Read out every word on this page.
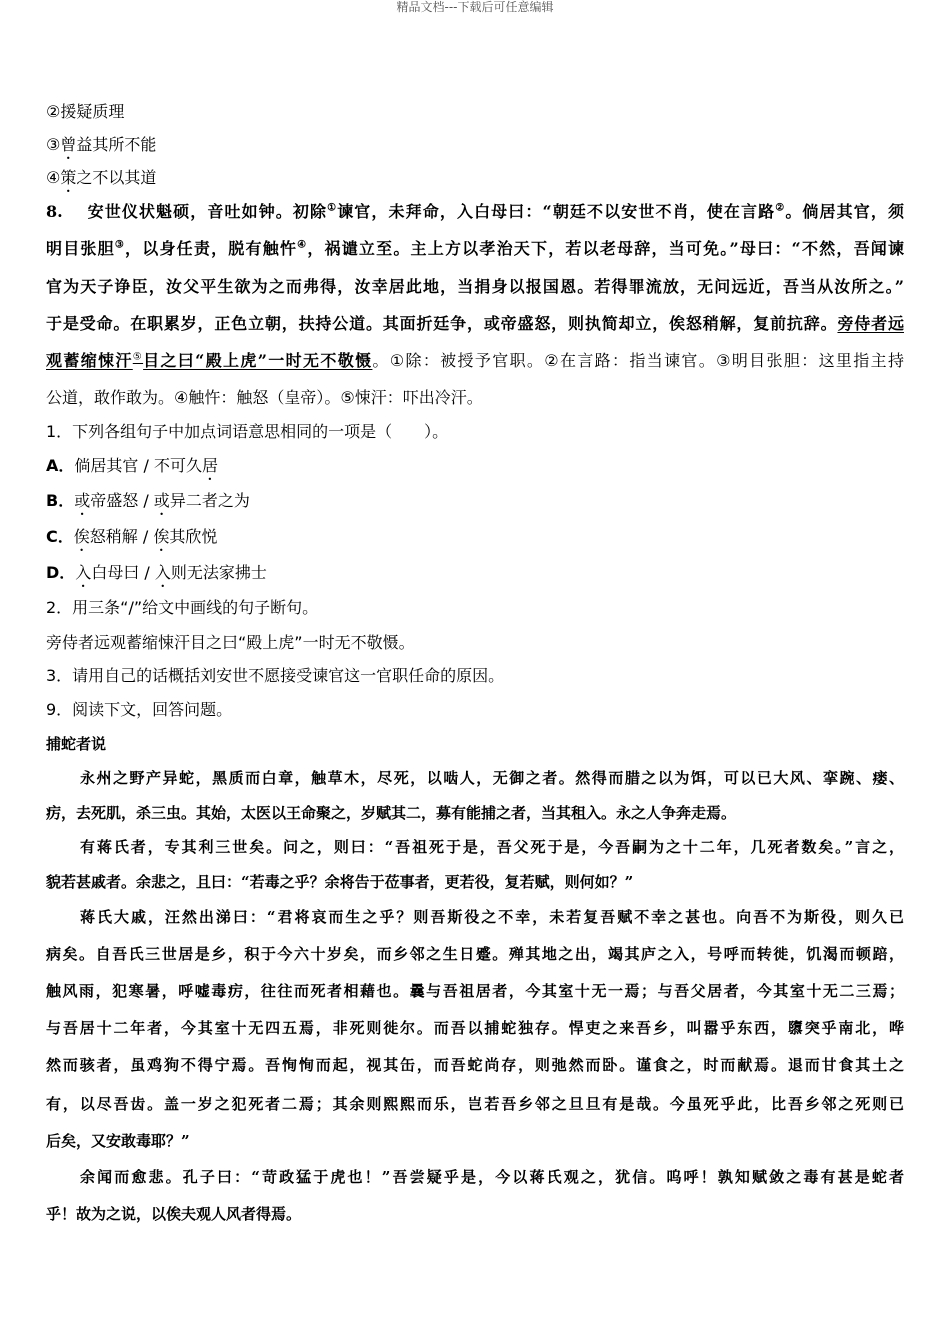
精品文档---下载后可任意编辑
②援疑质理
③曾益其所不能
④策之不以其道
8.　 安世仪状魁硕，音吐如钟。初除①谏官，未拜命，入白母曰：“朝廷不以安世不肖，使在言路②。倘居其官，须
明目张胆③，以身任责，脱有触忤④，祸谴立至。主上方以孝治天下，若以老母辞，当可免。”母曰：“不然，吾闻谏
官为天子诤臣，汝父平生欲为之而弗得，汝幸居此地，当捐身以报国恩。若得罪流放，无问远近，吾当从汝所之。”
于是受命。在职累岁，正色立朝，扶持公道。其面折廷争，或帝盛怒，则执简却立，俟怒稍解，复前抗辞。旁侍者远
观蓄缩悚汗⑤目之曰“殿上虎”一时无不敬慑。①除：被授予官职。②在言路：指当谏官。③明目张胆：这里指主持
公道，敢作敢为。④触忤：触怒（皇帝）。⑤悚汗：吓出冷汗。
1．下列各组句子中加点词语意思相同的一项是（　　）。
A．倘居其官 / 不可久居
B．或帝盛怒 / 或异二者之为
C．俟怒稍解 / 俟其欣悦
D．入白母曰 / 入则无法家拂士
2．用三条“/”给文中画线的句子断句。
旁侍者远观蓄缩悚汗目之曰“殿上虎”一时无不敬慑。
3．请用自己的话概括刘安世不愿接受谏官这一官职任命的原因。
9．阅读下文，回答问题。
捕蛇者说
永州之野产异蛇，黑质而白章，触草木，尽死，以啮人，无御之者。然得而腊之以为饵，可以已大风、挛踠、瘘、
疠，去死肌，杀三虫。其始，太医以王命聚之，岁赋其二，募有能捕之者，当其租入。永之人争奔走焉。
有蒋氏者，专其利三世矣。问之，则曰：“吾祖死于是，吾父死于是，今吾嗣为之十二年，几死者数矣。”言之，
貌若甚戚者。余悲之，且曰：“若毒之乎？余将告于莅事者，更若役，复若赋，则何如？”
蒋氏大戚，汪然出涕曰：“君将哀而生之乎？则吾斯役之不幸，未若复吾赋不幸之甚也。向吾不为斯役，则久已
病矣。自吾氏三世居是乡，积于今六十岁矣，而乡邻之生日蹙。殚其地之出，竭其庐之入，号呼而转徙，饥渴而顿踣，
触风雨，犯寒暑，呼嘘毒疠，往往而死者相藉也。曩与吾祖居者，今其室十无一焉；与吾父居者，今其室十无二三焉；
与吾居十二年者，今其室十无四五焉，非死则徙尔。而吾以捕蛇独存。悍吏之来吾乡，叫嚣乎东西，隳突乎南北，哗
然而骇者，虽鸡狗不得宁焉。吾恂恂而起，视其缶，而吾蛇尚存，则弛然而卧。谨食之，时而献焉。退而甘食其土之
有，以尽吾齿。盖一岁之犯死者二焉；其余则熙熙而乐，岂若吾乡邻之旦旦有是哉。今虽死乎此，比吾乡邻之死则已
后矣，又安敢毒耶？”
余闻而愈悲。孔子曰：“苛政猛于虎也！”吾尝疑乎是，今以蒋氏观之，犹信。呜呼！孰知赋敛之毒有甚是蛇者
乎！故为之说，以俟夫观人风者得焉。
